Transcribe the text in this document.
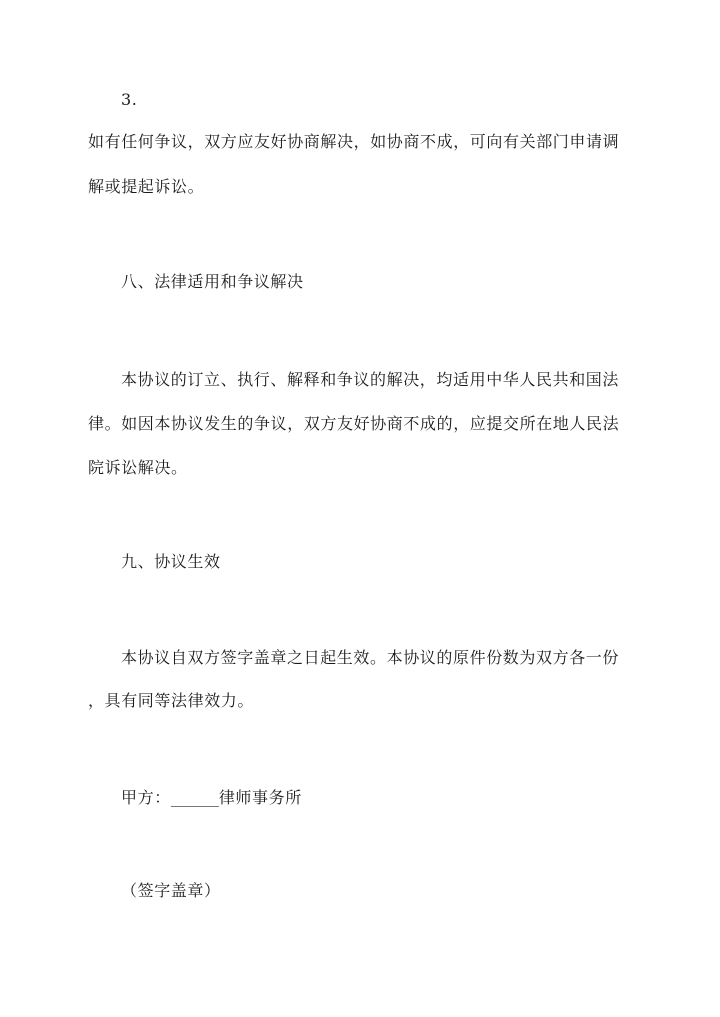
3.
如有任何争议，双方应友好协商解决，如协商不成，可向有关部门申请调
解或提起诉讼。
八、法律适用和争议解决
本协议的订立、执行、解释和争议的解决，均适用中华人民共和国法
律。如因本协议发生的争议，双方友好协商不成的，应提交所在地人民法
院诉讼解决。
九、协议生效
本协议自双方签字盖章之日起生效。本协议的原件份数为双方各一份
，具有同等法律效力。
甲方：______律师事务所
（签字盖章）
